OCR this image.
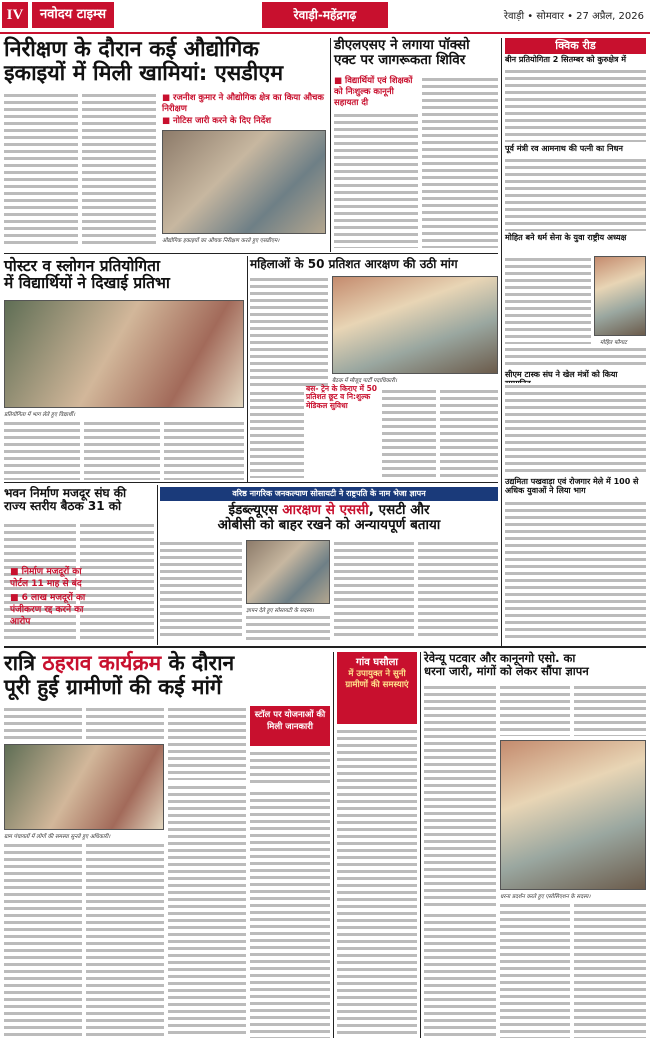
IV	नवोदय टाइम्स	रेवाड़ी-महेंद्रगढ़	रेवाड़ी • सोमवार • 27 अप्रैल, 2026
निरीक्षण के दौरान कई औद्योगिक
इकाइयों में मिली खामियां: एसडीएम
■ रजनीश कुमार ने औद्योगिक क्षेत्र का किया औचक निरीक्षण
■ नोटिस जारी करने के दिए निर्देश
औद्योगिक इकाइयों का औचक निरीक्षण करते हुए एसडीएम।
डीएलएसए ने लगाया पॉक्सो
एक्ट पर जागरूकता शिविर
■ विद्यार्थियों एवं शिक्षकों को निःशुल्क कानूनी सहायता दी
क्विक रीड
बीन प्रतियोगिता 2 सितम्बर को कुरुक्षेत्र में
पूर्व मंत्री रव आमनाथ की पत्नी का निधन
मोहित बने धर्म सेना के युवा राष्ट्रीय अध्यक्ष
मोहित फौगाट
सीएम टास्क संघ ने खेल मंत्रों को किया
उद्यमिता पखवाड़ा एवं रोजगार मेले में 100 से अधिक युवाओं ने लिया भाग
पोस्टर व स्लोगन प्रतियोगिता
में विद्यार्थियों ने दिखाई प्रतिभा
प्रतियोगिता में भाग लेते हुए विद्यार्थी।
महिलाओं के 50 प्रतिशत आरक्षण की उठी मांग
बैठक में मौजूद पार्टी पदाधिकारी।
बस- ट्रेन के किराए में 50 प्रतिशत छूट व नि:शुल्क मेडिकल सुविधा
भवन निर्माण मजदूर संघ की
राज्य स्तरीय बैठक 31 को
■ निर्माण मजदूरों का पोर्टल 11 माह से बंद
■ 6 लाख मजदूरों का पंजीकरण रद्द करने का आरोप
वरिष्ठ नागरिक जनकल्याण सोसायटी ने राष्ट्रपति के नाम भेजा ज्ञापन
ईडब्ल्यूएस आरक्षण से एससी, एसटी और
ओबीसी को बाहर रखने को अन्यायपूर्ण बताया
ज्ञापन देते हुए सोसायटी के सदस्य।
रात्रि ठहराव कार्यक्रम के दौरान
पूरी हुई ग्रामीणों की कई मांगें
स्टॉल पर योजनाओं की मिली जानकारी
ग्राम पंचायतों में लोगों की समस्या सुनते हुए अधिकारी।
गांव घसौला
में उपायुक्त ने सुनी ग्रामीणों की समस्याएं
रेवेन्यू पटवार और कानूनगो एसो. का
धरना जारी, मांगों को लेकर सौंपा ज्ञापन
धरना प्रदर्शन करते हुए एसोसिएशन के सदस्य।
